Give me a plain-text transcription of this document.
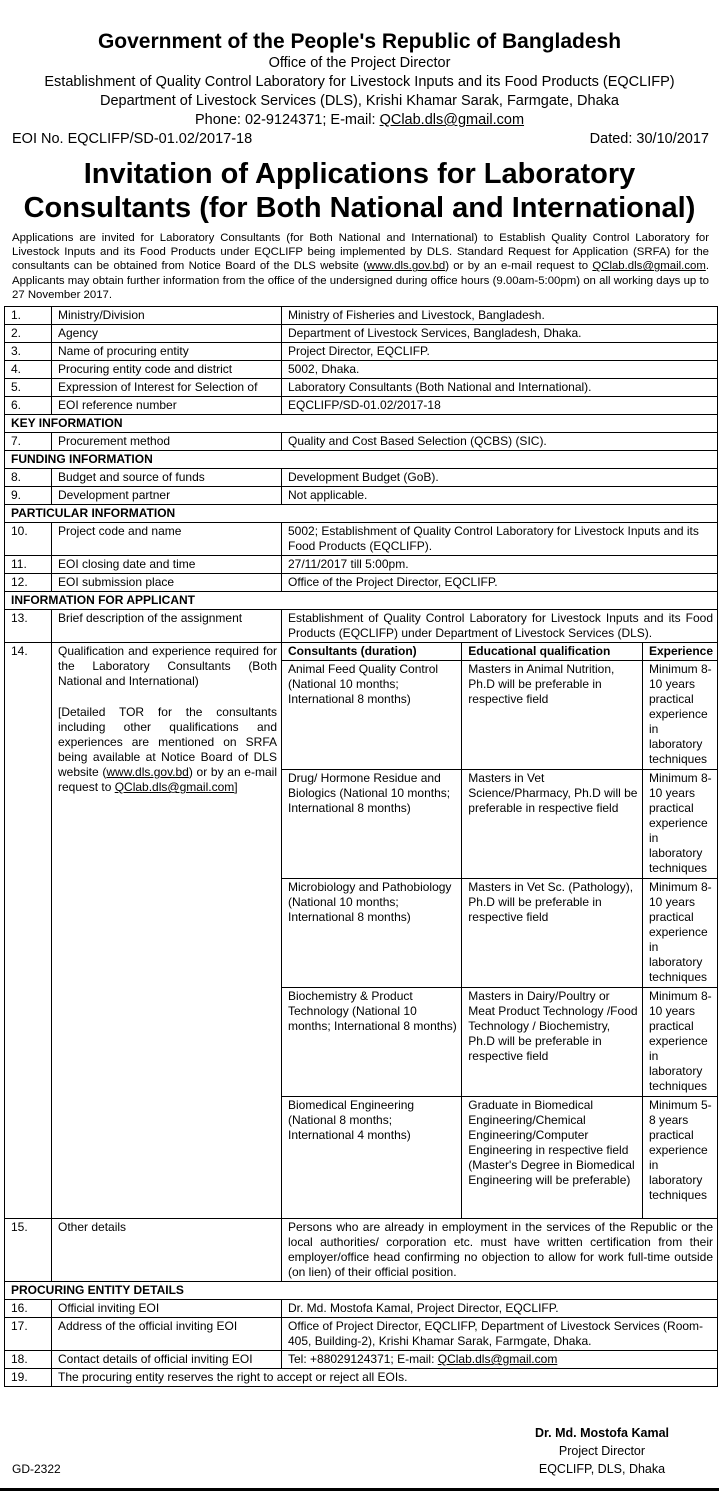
Government of the People's Republic of Bangladesh
Office of the Project Director
Establishment of Quality Control Laboratory for Livestock Inputs and its Food Products (EQCLIFP)
Department of Livestock Services (DLS), Krishi Khamar Sarak, Farmgate, Dhaka
Phone: 02-9124371; E-mail: QClab.dls@gmail.com
EOI No. EQCLIFP/SD-01.02/2017-18	Dated: 30/10/2017
Invitation of Applications for Laboratory Consultants (for Both National and International)
Applications are invited for Laboratory Consultants (for Both National and International) to Establish Quality Control Laboratory for Livestock Inputs and its Food Products under EQCLIFP being implemented by DLS. Standard Request for Application (SRFA) for the consultants can be obtained from Notice Board of the DLS website (www.dls.gov.bd) or by an e-mail request to QClab.dls@gmail.com. Applicants may obtain further information from the office of the undersigned during office hours (9.00am-5:00pm) on all working days up to 27 November 2017.
1.	Ministry/Division	Ministry of Fisheries and Livestock, Bangladesh.
2.	Agency	Department of Livestock Services, Bangladesh, Dhaka.
3.	Name of procuring entity	Project Director, EQCLIFP.
4.	Procuring entity code and district	5002, Dhaka.
5.	Expression of Interest for Selection of	Laboratory Consultants (Both National and International).
6.	EOI reference number	EQCLIFP/SD-01.02/2017-18
KEY INFORMATION
7.	Procurement method	Quality and Cost Based Selection (QCBS) (SIC).
FUNDING INFORMATION
8.	Budget and source of funds	Development Budget (GoB).
9.	Development partner	Not applicable.
PARTICULAR INFORMATION
10.	Project code and name	5002; Establishment of Quality Control Laboratory for Livestock Inputs and its Food Products (EQCLIFP).
11.	EOI closing date and time	27/11/2017 till 5:00pm.
12.	EOI submission place	Office of the Project Director, EQCLIFP.
INFORMATION FOR APPLICANT
13.	Brief description of the assignment	Establishment of Quality Control Laboratory for Livestock Inputs and its Food Products (EQCLIFP) under Department of Livestock Services (DLS).
14.	Qualification and experience required for the Laboratory Consultants (Both National and International)
[Detailed TOR for the consultants including other qualifications and experiences are mentioned on SRFA being available at Notice Board of DLS website (www.dls.gov.bd) or by an e-mail request to QClab.dls@gmail.com]

Consultants (duration)	Educational qualification	Experience
Animal Feed Quality Control (National 10 months; International 8 months)	Masters in Animal Nutrition, Ph.D will be preferable in respective field	Minimum 8-10 years practical experience in laboratory techniques
Drug/ Hormone Residue and Biologics (National 10 months; International 8 months)	Masters in Vet Science/Pharmacy, Ph.D will be preferable in respective field	Minimum 8-10 years practical experience in laboratory techniques
Microbiology and Pathobiology (National 10 months; International 8 months)	Masters in Vet Sc. (Pathology), Ph.D will be preferable in respective field	Minimum 8-10 years practical experience in laboratory techniques
Biochemistry & Product Technology (National 10 months; International 8 months)	Masters in Dairy/Poultry or Meat Product Technology /Food Technology / Biochemistry, Ph.D will be preferable in respective field	Minimum 8-10 years practical experience in laboratory techniques
Biomedical Engineering (National 8 months; International 4 months)	Graduate in Biomedical Engineering/Chemical Engineering/Computer Engineering in respective field (Master's Degree in Biomedical Engineering will be preferable)	Minimum 5-8 years practical experience in laboratory techniques

15.	Other details	Persons who are already in employment in the services of the Republic or the local authorities/ corporation etc. must have written certification from their employer/office head confirming no objection to allow for work full-time outside (on lien) of their official position.
PROCURING ENTITY DETAILS
16.	Official inviting EOI	Dr. Md. Mostofa Kamal, Project Director, EQCLIFP.
17.	Address of the official inviting EOI	Office of Project Director, EQCLIFP, Department of Livestock Services (Room-405, Building-2), Krishi Khamar Sarak, Farmgate, Dhaka.
18.	Contact details of official inviting EOI	Tel: +88029124371; E-mail: QClab.dls@gmail.com
19.	The procuring entity reserves the right to accept or reject all EOIs.	
Dr. Md. Mostofa Kamal
Project Director
EQCLIFP, DLS, Dhaka
GD-2322
